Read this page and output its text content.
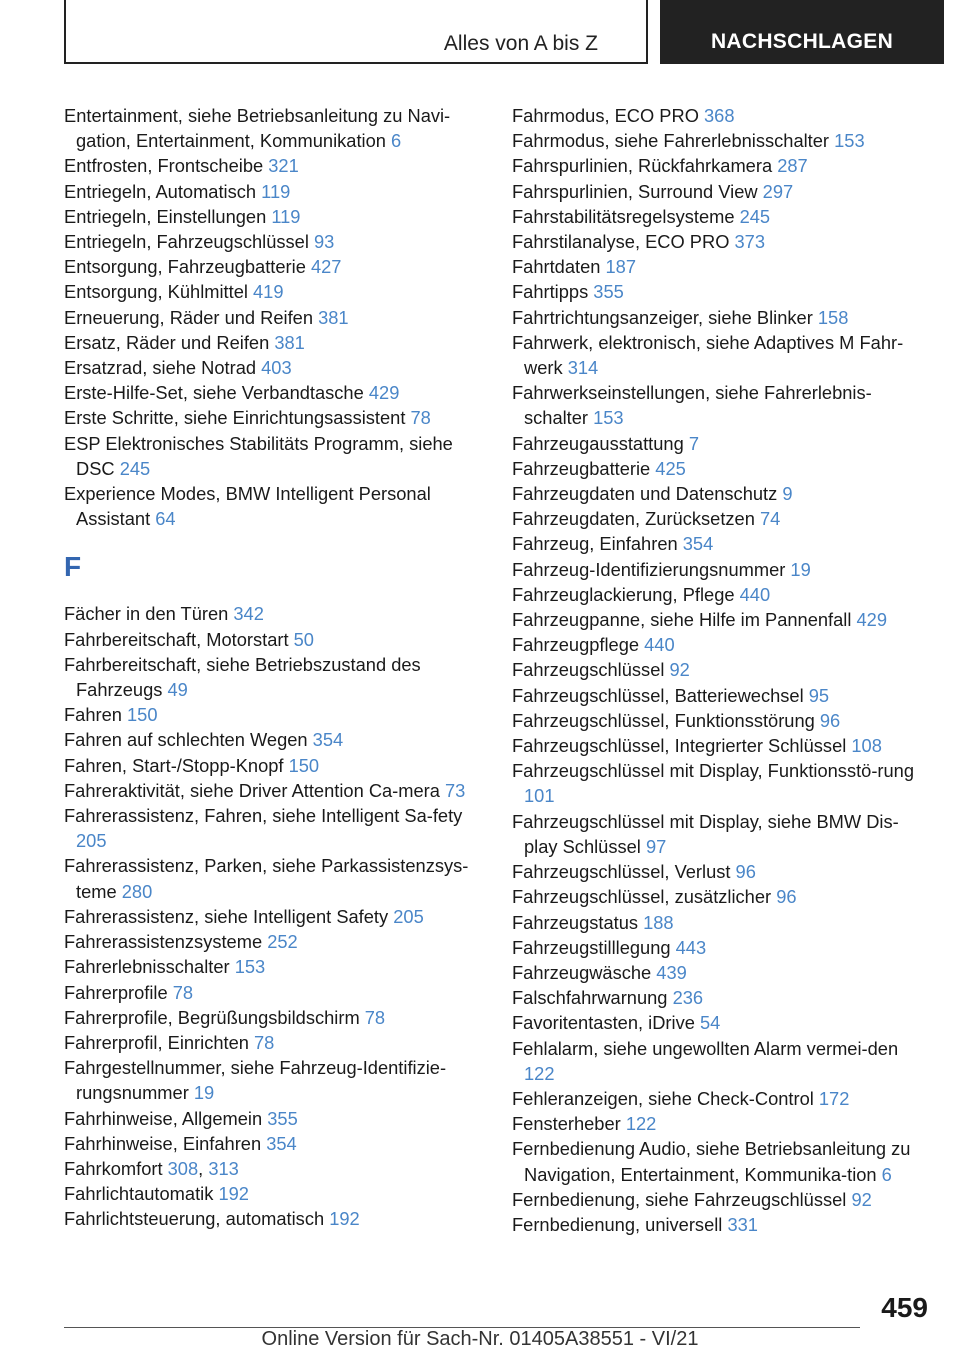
Alles von A bis Z	NACHSCHLAGEN
Entertainment, siehe Betriebsanleitung zu Navi-gation, Entertainment, Kommunikation 6
Entfrosten, Frontscheibe 321
Entriegeln, Automatisch 119
Entriegeln, Einstellungen 119
Entriegeln, Fahrzeugschlüssel 93
Entsorgung, Fahrzeugbatterie 427
Entsorgung, Kühlmittel 419
Erneuerung, Räder und Reifen 381
Ersatz, Räder und Reifen 381
Ersatzrad, siehe Notrad 403
Erste-Hilfe-Set, siehe Verbandtasche 429
Erste Schritte, siehe Einrichtungsassistent 78
ESP Elektronisches Stabilitäts Programm, siehe DSC 245
Experience Modes, BMW Intelligent Personal Assistant 64
F
Fächer in den Türen 342
Fahrbereitschaft, Motorstart 50
Fahrbereitschaft, siehe Betriebszustand des Fahrzeugs 49
Fahren 150
Fahren auf schlechten Wegen 354
Fahren, Start-/Stopp-Knopf 150
Fahreraktivität, siehe Driver Attention Ca-mera 73
Fahrerassistenz, Fahren, siehe Intelligent Sa-fety 205
Fahrerassistenz, Parken, siehe Parkassistenzsys-teme 280
Fahrerassistenz, siehe Intelligent Safety 205
Fahrerassistenzsysteme 252
Fahrerlebnisschalter 153
Fahrerprofile 78
Fahrerprofile, Begrüßungsbildschirm 78
Fahrerprofil, Einrichten 78
Fahrgestellnummer, siehe Fahrzeug-Identifizie-rungsnummer 19
Fahrhinweise, Allgemein 355
Fahrhinweise, Einfahren 354
Fahrkomfort 308, 313
Fahrlichtautomatik 192
Fahrlichtsteuerung, automatisch 192
Fahrmodus, ECO PRO 368
Fahrmodus, siehe Fahrerlebnisschalter 153
Fahrspurlinien, Rückfahrkamera 287
Fahrspurlinien, Surround View 297
Fahrstabilitätsregelsysteme 245
Fahrstilanalyse, ECO PRO 373
Fahrtdaten 187
Fahrtipps 355
Fahrtrichtungsanzeiger, siehe Blinker 158
Fahrwerk, elektronisch, siehe Adaptives M Fahr-werk 314
Fahrwerkseinstellungen, siehe Fahrerlebnis-schalter 153
Fahrzeugausstattung 7
Fahrzeugbatterie 425
Fahrzeugdaten und Datenschutz 9
Fahrzeugdaten, Zurücksetzen 74
Fahrzeug, Einfahren 354
Fahrzeug-Identifizierungsnummer 19
Fahrzeuglackierung, Pflege 440
Fahrzeugpanne, siehe Hilfe im Pannenfall 429
Fahrzeugpflege 440
Fahrzeugschlüssel 92
Fahrzeugschlüssel, Batteriewechsel 95
Fahrzeugschlüssel, Funktionsstörung 96
Fahrzeugschlüssel, Integrierter Schlüssel 108
Fahrzeugschlüssel mit Display, Funktionsstö-rung 101
Fahrzeugschlüssel mit Display, siehe BMW Dis-play Schlüssel 97
Fahrzeugschlüssel, Verlust 96
Fahrzeugschlüssel, zusätzlicher 96
Fahrzeugstatus 188
Fahrzeugstilllegung 443
Fahrzeugwäsche 439
Falschfahrwarnung 236
Favoritentasten, iDrive 54
Fehlalarm, siehe ungewollten Alarm vermei-den 122
Fehleranzeigen, siehe Check-Control 172
Fensterheber 122
Fernbedienung Audio, siehe Betriebsanleitung zu Navigation, Entertainment, Kommunika-tion 6
Fernbedienung, siehe Fahrzeugschlüssel 92
Fernbedienung, universell 331
459
Online Version für Sach-Nr. 01405A38551 - VI/21
